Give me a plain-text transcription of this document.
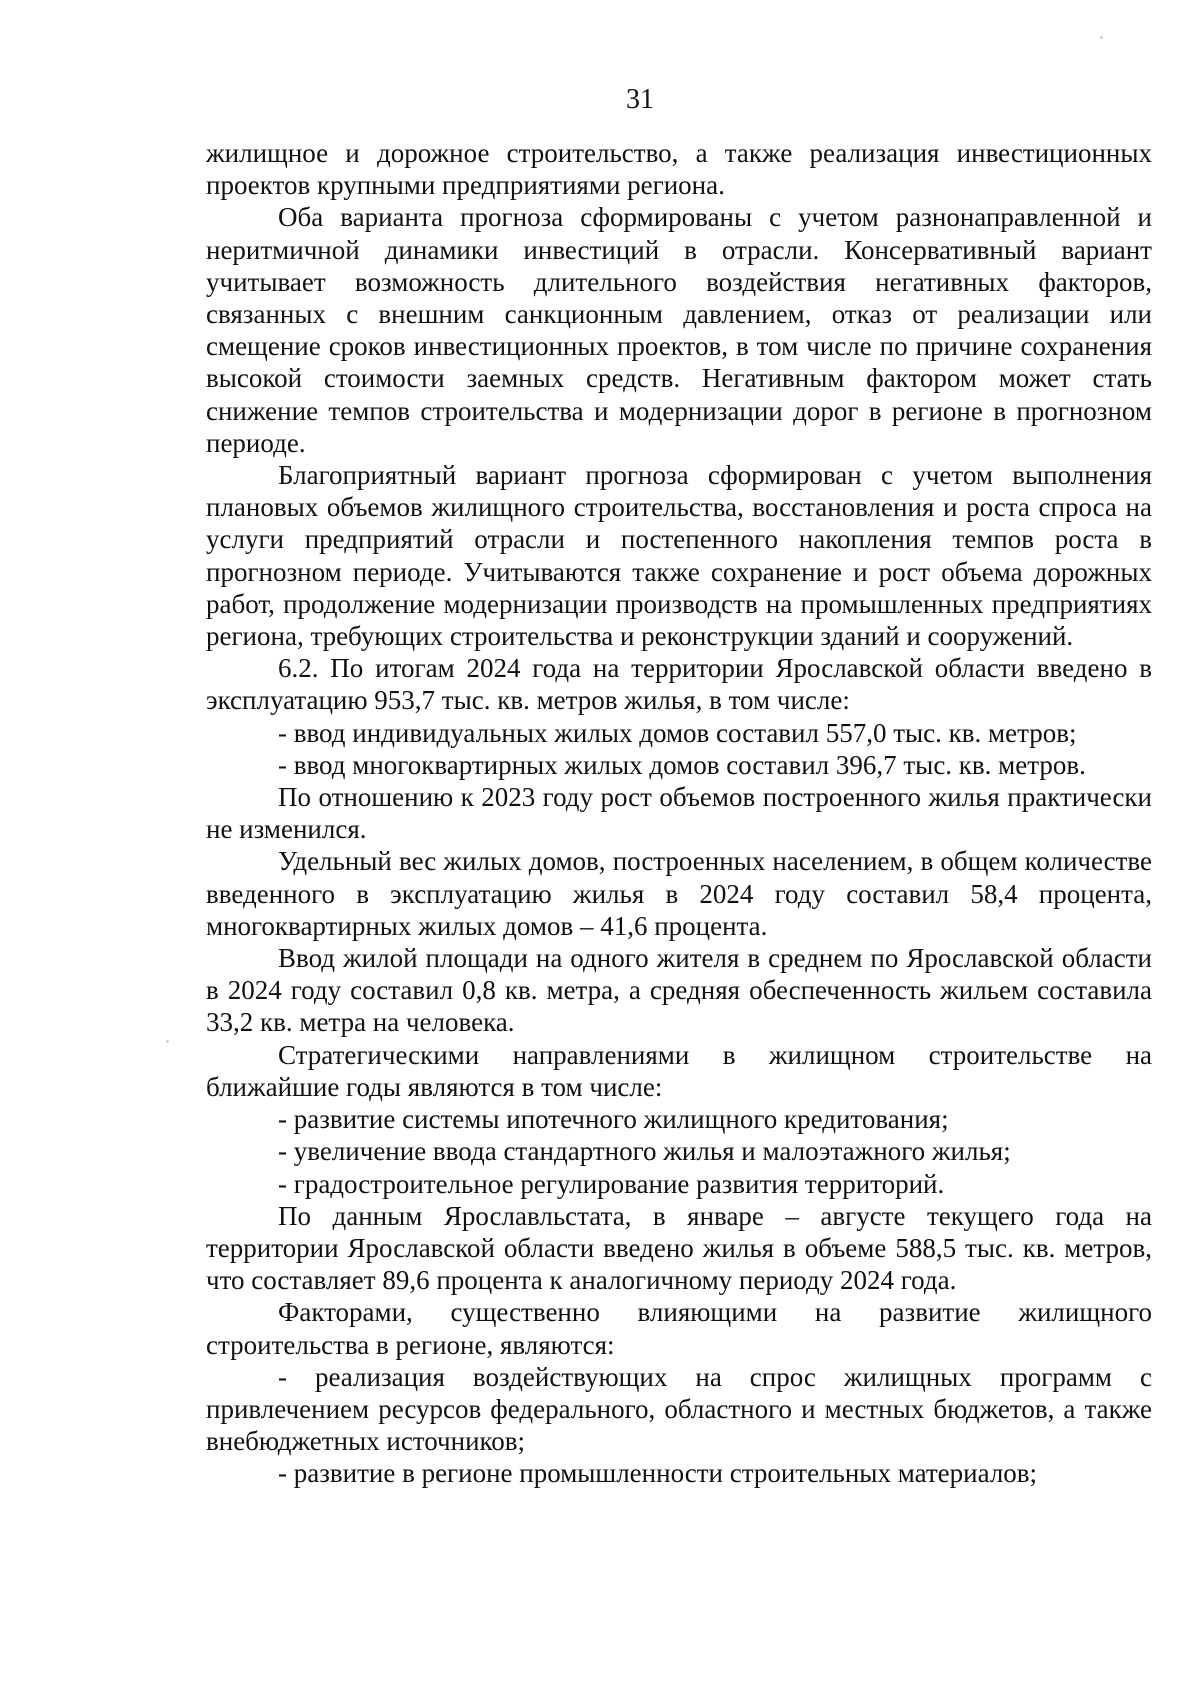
31

жилищное и дорожное строительство, а также реализация инвестиционных проектов крупными предприятиями региона.

Оба варианта прогноза сформированы с учетом разнонаправленной и неритмичной динамики инвестиций в отрасли. Консервативный вариант учитывает возможность длительного воздействия негативных факторов, связанных с внешним санкционным давлением, отказ от реализации или смещение сроков инвестиционных проектов, в том числе по причине сохранения высокой стоимости заемных средств. Негативным фактором может стать снижение темпов строительства и модернизации дорог в регионе в прогнозном периоде.

Благоприятный вариант прогноза сформирован с учетом выполнения плановых объемов жилищного строительства, восстановления и роста спроса на услуги предприятий отрасли и постепенного накопления темпов роста в прогнозном периоде. Учитываются также сохранение и рост объема дорожных работ, продолжение модернизации производств на промышленных предприятиях региона, требующих строительства и реконструкции зданий и сооружений.

6.2. По итогам 2024 года на территории Ярославской области введено в эксплуатацию 953,7 тыс. кв. метров жилья, в том числе:

- ввод индивидуальных жилых домов составил 557,0 тыс. кв. метров;

- ввод многоквартирных жилых домов составил 396,7 тыс. кв. метров.

По отношению к 2023 году рост объемов построенного жилья практически не изменился.

Удельный вес жилых домов, построенных населением, в общем количестве введенного в эксплуатацию жилья в 2024 году составил 58,4 процента, многоквартирных жилых домов – 41,6 процента.

Ввод жилой площади на одного жителя в среднем по Ярославской области в 2024 году составил 0,8 кв. метра, а средняя обеспеченность жильем составила 33,2 кв. метра на человека.

Стратегическими направлениями в жилищном строительстве на ближайшие годы являются в том числе:

- развитие системы ипотечного жилищного кредитования;

- увеличение ввода стандартного жилья и малоэтажного жилья;

- градостроительное регулирование развития территорий.

По данным Ярославльстата, в январе – августе текущего года на территории Ярославской области введено жилья в объеме 588,5 тыс. кв. метров, что составляет 89,6 процента к аналогичному периоду 2024 года.

Факторами, существенно влияющими на развитие жилищного строительства в регионе, являются:

- реализация воздействующих на спрос жилищных программ с привлечением ресурсов федерального, областного и местных бюджетов, а также внебюджетных источников;

- развитие в регионе промышленности строительных материалов;
